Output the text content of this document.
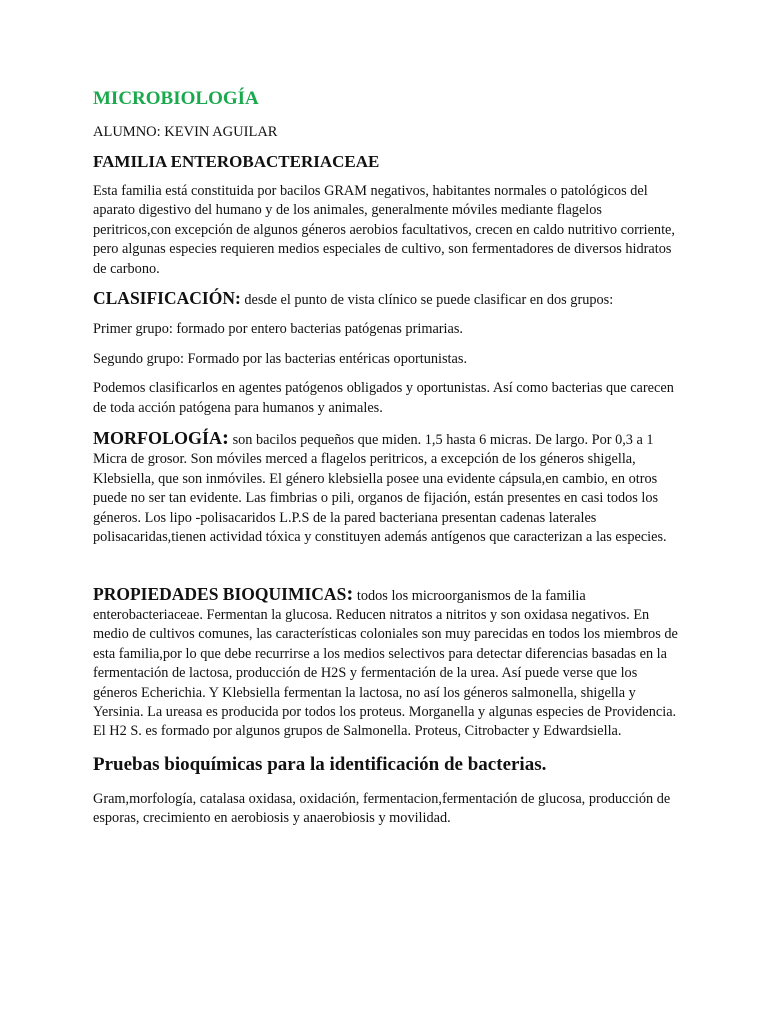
MICROBIOLOGÍA
ALUMNO: KEVIN AGUILAR
FAMILIA ENTEROBACTERIACEAE

Esta familia está constituida por bacilos GRAM negativos, habitantes normales o patológicos del aparato digestivo del humano y de los animales, generalmente móviles mediante flagelos peritricos,con excepción de algunos géneros aerobios facultativos, crecen en caldo nutritivo corriente, pero algunas especies requieren medios especiales de cultivo, son fermentadores de diversos hidratos de carbono.

CLASIFICACIÓN: desde el punto de vista clínico se puede clasificar en dos grupos:

Primer grupo: formado por entero bacterias patógenas primarias.

Segundo grupo: Formado por las bacterias entéricas oportunistas.

Podemos clasificarlos en agentes patógenos obligados y oportunistas. Así como bacterias que carecen de toda acción patógena para humanos y animales.

MORFOLOGÍA: son bacilos pequeños que miden. 1,5 hasta 6 micras. De largo. Por 0,3 a 1 Micra de grosor. Son móviles merced a flagelos peritricos, a excepción de los géneros shigella, Klebsiella, que son inmóviles. El género klebsiella posee una evidente cápsula,en cambio, en otros puede no ser tan evidente. Las fimbrias o pili, organos de fijación, están presentes en casi todos los géneros. Los lipo -polisacaridos L.P.S de la pared bacteriana presentan cadenas laterales polisacaridas,tienen actividad tóxica y constituyen además antígenos que caracterizan a las especies.

PROPIEDADES BIOQUIMICAS: todos los microorganismos de la familia enterobacteriaceae. Fermentan la glucosa. Reducen nitratos a nitritos y son oxidasa negativos. En medio de cultivos comunes, las características coloniales son muy parecidas en todos los miembros de esta familia,por lo que debe recurrirse a los medios selectivos para detectar diferencias basadas en la fermentación de lactosa, producción de H2S y fermentación de la urea. Así puede verse que los géneros Echerichia. Y Klebsiella fermentan la lactosa, no así los géneros salmonella, shigella y Yersinia. La ureasa es producida por todos los proteus. Morganella y algunas especies de Providencia. El H2 S. es formado por algunos grupos de Salmonella. Proteus, Citrobacter y Edwardsiella.

Pruebas bioquímicas para la identificación de bacterias.

Gram,morfología, catalasa oxidasa, oxidación, fermentacion,fermentación de glucosa, producción de esporas, crecimiento en aerobiosis y anaerobiosis y movilidad.
